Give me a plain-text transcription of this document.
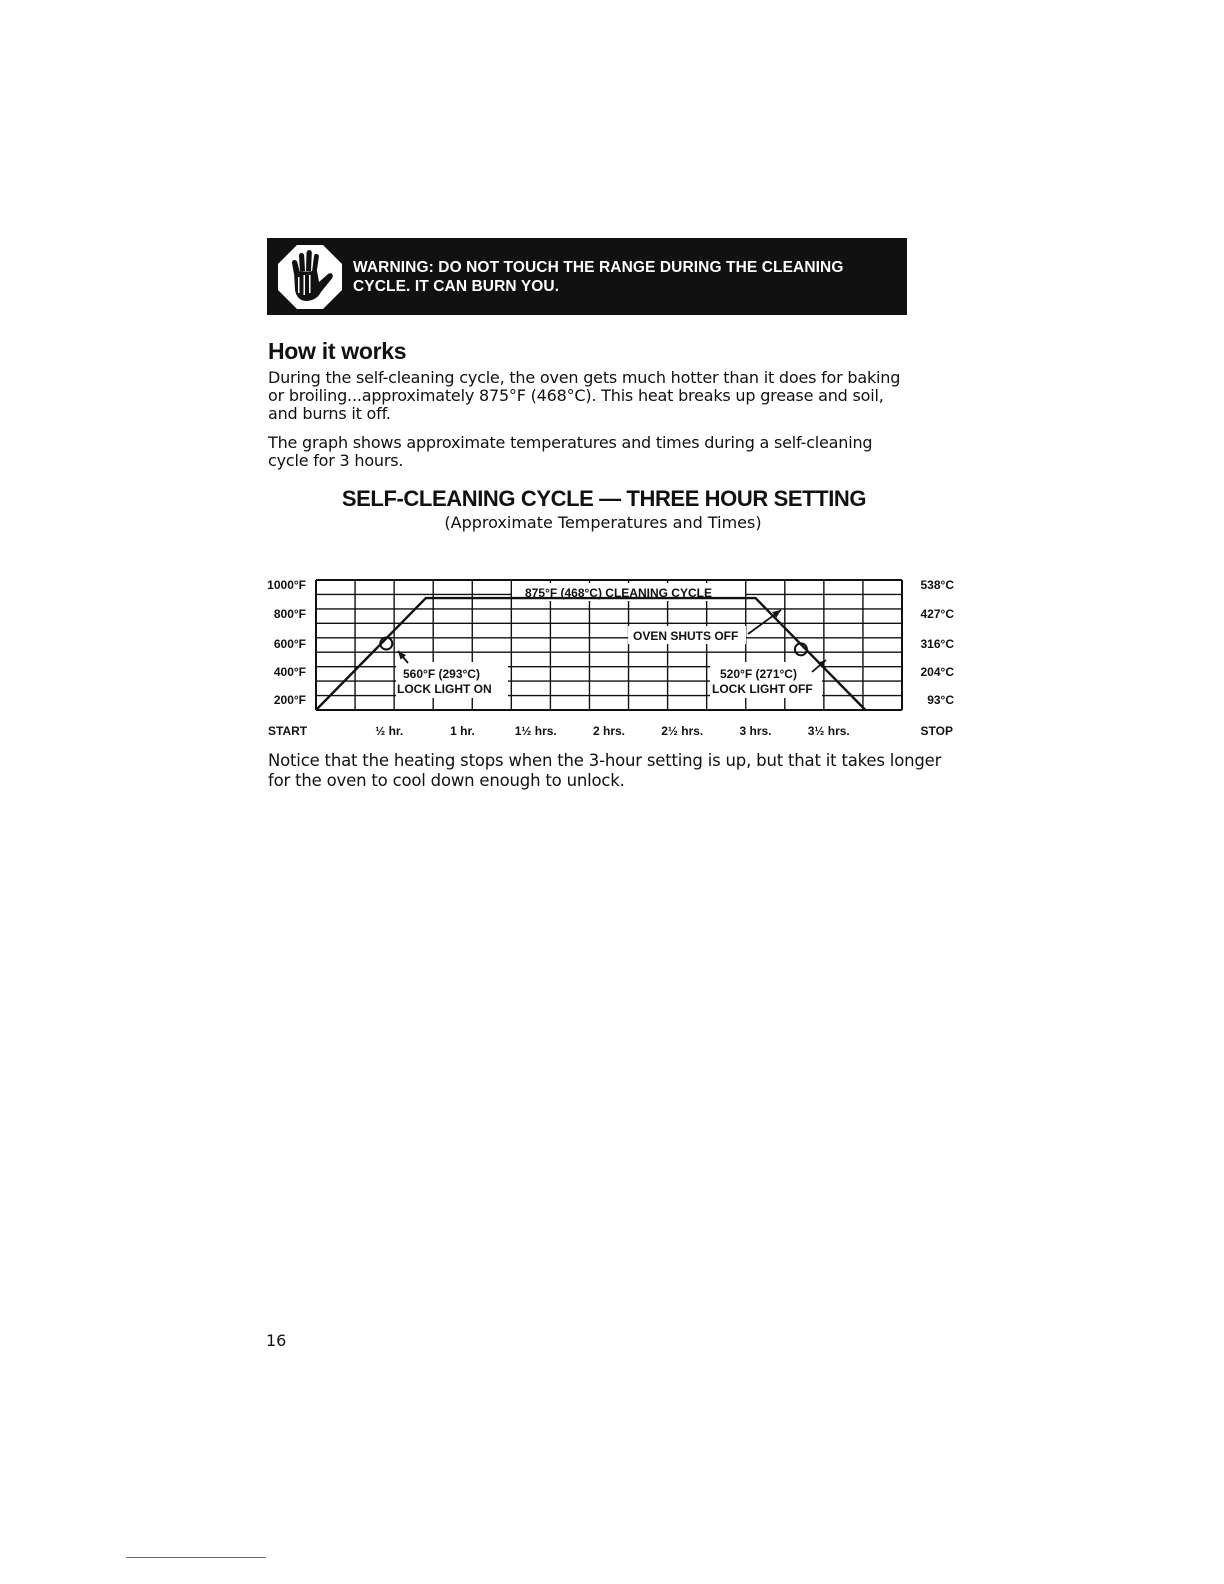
WARNING: DO NOT TOUCH THE RANGE DURING THE CLEANING
CYCLE. IT CAN BURN YOU.
How it works
During the self-cleaning cycle, the oven gets much hotter than it does for baking
or broiling...approximately 875°F (468°C). This heat breaks up grease and soil,
and burns it off.
The graph shows approximate temperatures and times during a self-cleaning
cycle for 3 hours.
SELF-CLEANING CYCLE — THREE HOUR SETTING
(Approximate Temperatures and Times)
875°F (468°C) CLEANING CYCLE
OVEN SHUTS OFF
560°F (293°C)
LOCK LIGHT ON
520°F (271°C)
LOCK LIGHT OFF
1000°F
800°F
600°F
400°F
200°F
538°C
427°C
316°C
204°C
93°C
START	½ hr.	1 hr.	1½ hrs.	2 hrs.	2½ hrs.	3 hrs.	3½ hrs.	STOP
Notice that the heating stops when the 3-hour setting is up, but that it takes longer
for the oven to cool down enough to unlock.
16
